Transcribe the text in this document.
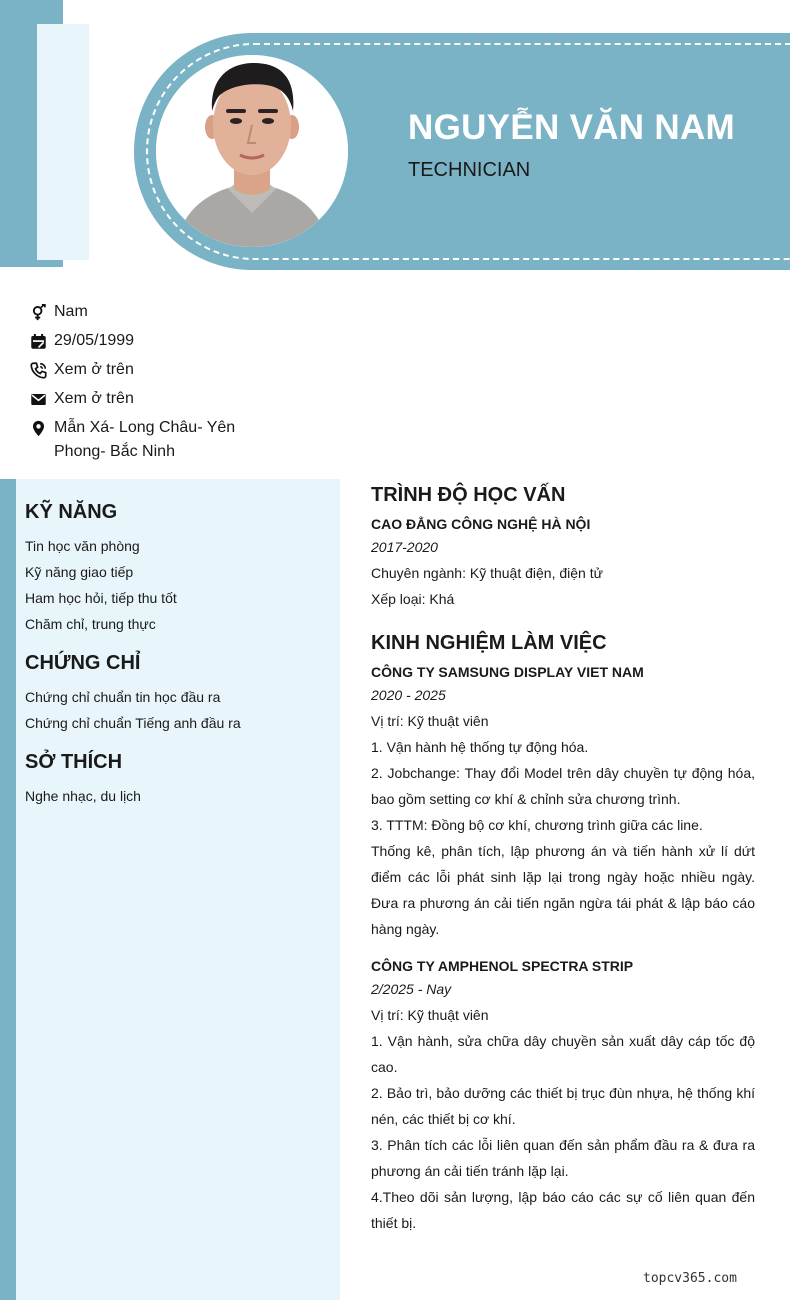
NGUYỄN VĂN NAM
TECHNICIAN
Nam
29/05/1999
Xem ở trên
Xem ở trên
Mẫn Xá- Long Châu- Yên Phong- Bắc Ninh
KỸ NĂNG
Tin học văn phòng
Kỹ năng giao tiếp
Ham học hỏi, tiếp thu tốt
Chăm chỉ, trung thực
CHỨNG CHỈ
Chứng chỉ chuẩn tin học đầu ra
Chứng chỉ chuẩn Tiếng anh đầu ra
SỞ THÍCH
Nghe nhạc, du lịch
TRÌNH ĐỘ HỌC VẤN
CAO ĐẲNG CÔNG NGHỆ HÀ NỘI
2017-2020
Chuyên ngành: Kỹ thuật điện, điện tử
Xếp loại: Khá
KINH NGHIỆM LÀM VIỆC
CÔNG TY SAMSUNG DISPLAY VIET NAM
2020 - 2025
Vị trí: Kỹ thuật viên
1. Vận hành hệ thống tự động hóa.
2. Jobchange: Thay đổi Model trên dây chuyền tự động hóa, bao gồm setting cơ khí & chỉnh sửa chương trình.
3. TTTM: Đồng bộ cơ khí, chương trình giữa các line.
Thống kê, phân tích, lập phương án và tiến hành xử lí dứt điểm các lỗi phát sinh lặp lại trong ngày hoặc nhiều ngày. Đưa ra phương án cải tiến ngăn ngừa tái phát & lập báo cáo hàng ngày.
CÔNG TY AMPHENOL SPECTRA STRIP
2/2025 - Nay
Vị trí: Kỹ thuật viên
1. Vận hành, sửa chữa dây chuyền sản xuất dây cáp tốc độ cao.
2. Bảo trì, bảo dưỡng các thiết bị trục đùn nhựa, hệ thống khí nén, các thiết bị cơ khí.
3. Phân tích các lỗi liên quan đến sản phẩm đầu ra & đưa ra phương án cải tiến tránh lặp lại.
4.Theo dõi sản lượng, lập báo cáo các sự cố liên quan đến thiết bị.
topcv365.com
